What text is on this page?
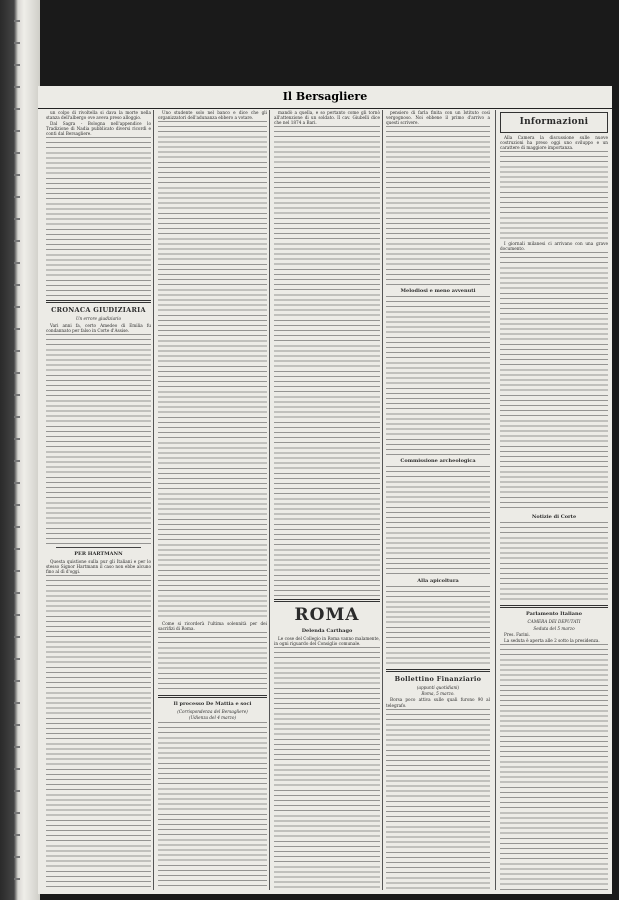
Il Bersagliere

un colpo di rivoltella si dava la morte nella stanza dell'albergo ove aveva preso alloggio.

Dal Sagra - Bologna nell'appendice lo Tradizione di Nadia pubblicato diversi ricordi e conti dal Bersagliere.

CRONACA GIUDIZIARIA
Un errore giudiziario

Vari anni fa, certo Amedeo di Emilia fu condannato per falso in Corte d'Assise.

PER HARTMANN

Questa quistione sulla pur gli Italiani e per lo stesso Signor Hartmann il caso non ebbe alcuno fino al dì d'oggi.

Uno studente solo nel banco e dice che gli organizzatori dell'adunanza ebbero a votare.

Come si ricorderà l'ultima solennità per dei sacrifizi di Roma.

Il processo De Mattia e soci
(Corrispondenza del Bersagliere)
(Udienza del 4 marzo)

mandò a quella, e so pertanto come gli tornò all'attenzione di un soldato. Il cav. Giubelli dice che nel 1874 a Bari.

ROMA
Delenda Carthago

Le cose del Collegio in Roma vanno malamente, in ogni riguardo del Consiglio comunale.

pensiero di farla finita con un Istituto così vergognoso. Noi ebbene il primo d'arrivo a questi scrivere.

Melodiosi e meno avvenuti
Commissione archeologica
Alla apicoltura
Bollettino Finanziario
(appunti quotidiani)
Roma, 5 marzo.

Borsa poco attiva sulle quali furono 90 al telegrafo.

Informazioni

Alla Camera la discussione sulle nuove costruzioni ha preso oggi uno sviluppo e un carattere di maggiore importanza.

I giornali milanesi ci arrivano con una grave documento.

Notizie di Corte
Parlamento Italiano
CAMERA DEI DEPUTATI
Seduta del 5 marzo

Pres. Farini.

La seduta è aperta alle 2 sotto la presidenza.
